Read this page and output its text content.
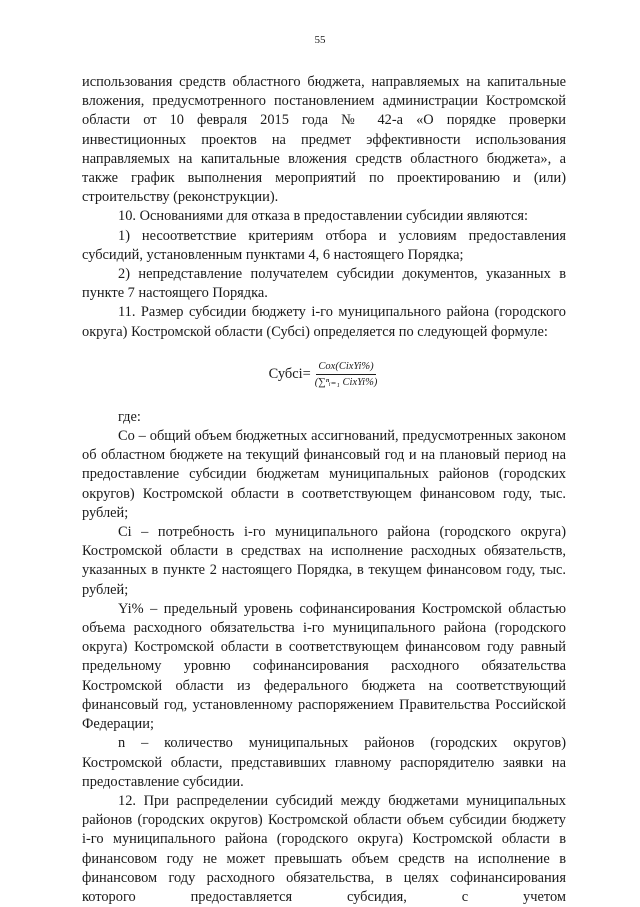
55

использования средств областного бюджета, направляемых на капитальные вложения, предусмотренного постановлением администрации Костромской области от 10 февраля 2015 года № 42-а «О порядке проверки инвестиционных проектов на предмет эффективности использования направляемых на капитальные вложения средств областного бюджета», а также график выполнения мероприятий по проектированию и (или) строительству (реконструкции).

10. Основаниями для отказа в предоставлении субсидии являются:

1) несоответствие критериям отбора и условиям предоставления субсидий, установленным пунктами 4, 6 настоящего Порядка;

2) непредставление получателем субсидии документов, указанных в пункте 7 настоящего Порядка.

11. Размер субсидии бюджету i-го муниципального района (городского округа) Костромской области (Субсi) определяется по следующей формуле:

Субсi= $\frac{\text{Cox(CixYi\%)}}{\text{(∑ⁿᵢ₌₁ CixYi\%)}}$

где:

Со – общий объем бюджетных ассигнований, предусмотренных законом об областном бюджете на текущий финансовый год и на плановый период на предоставление субсидии бюджетам муниципальных районов (городских округов) Костромской области в соответствующем финансовом году, тыс. рублей;

Ci – потребность i-го муниципального района (городского округа) Костромской области в средствах на исполнение расходных обязательств, указанных в пункте 2 настоящего Порядка, в текущем финансовом году, тыс. рублей;

Yi% – предельный уровень софинансирования Костромской областью объема расходного обязательства i-го муниципального района (городского округа) Костромской области в соответствующем финансовом году равный предельному уровню софинансирования расходного обязательства Костромской области из федерального бюджета на соответствующий финансовый год, установленному распоряжением Правительства Российской Федерации;

n – количество муниципальных районов (городских округов) Костромской области, представивших главному распорядителю заявки на предоставление субсидии.

12. При распределении субсидий между бюджетами муниципальных районов (городских округов) Костромской области объем субсидии бюджету i-го муниципального района (городского округа) Костромской области в финансовом году не может превышать объем средств на исполнение в финансовом году расходного обязательства, в целях софинансирования которого предоставляется субсидия, с учетом
